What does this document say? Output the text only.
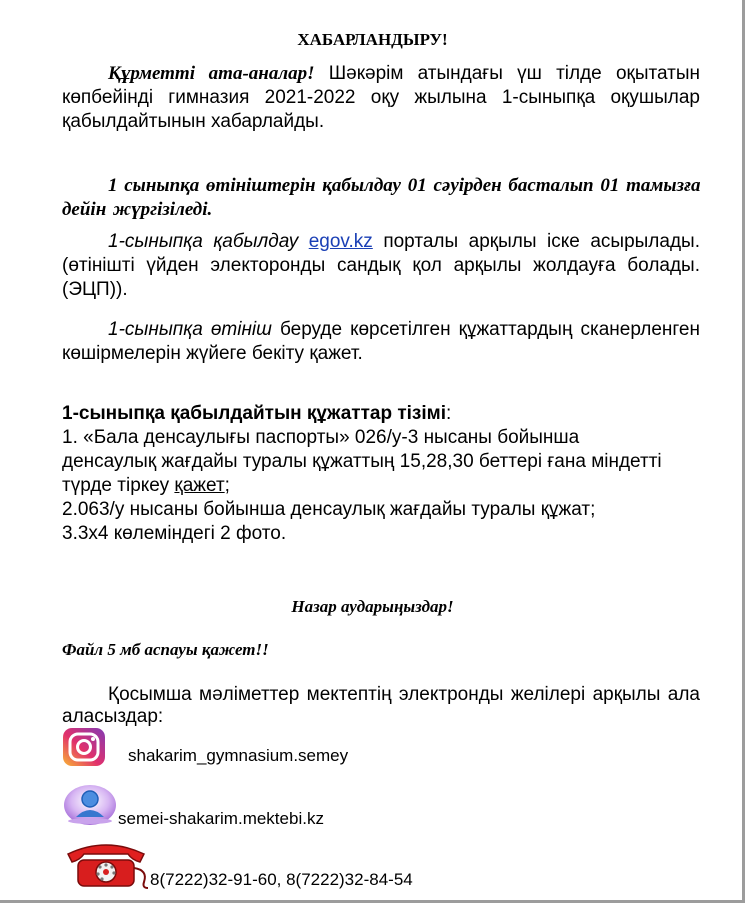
ХАБАРЛАНДЫРУ!
Құрметті ата-аналар! Шәкәрім атындағы үш тілде оқытатын көпбейінді гимназия 2021-2022 оқу жылына 1-сыныпқа оқушылар қабылдайтынын хабарлайды.
1 сыныпқа өтініштерін қабылдау 01 сәуірден басталып 01 тамызға дейін жүргізіледі.
1-сыныпқа қабылдау egov.kz порталы арқылы іске асырылады. (өтінішті үйден электоронды сандық қол арқылы жолдауға болады. (ЭЦП)).
1-сыныпқа өтініш беруде көрсетілген құжаттардың сканерленген көшірмелерін жүйеге бекіту қажет.
1-сыныпқа қабылдайтын құжаттар тізімі:
1. «Бала денсаулығы паспорты» 026/у-3 нысаны бойынша денсаулық жағдайы туралы құжаттың 15,28,30 беттері ғана міндетті түрде тіркеу қажет;
2.063/у нысаны бойынша денсаулық жағдайы туралы құжат;
3.3х4 көлеміндегі 2 фото.
Назар аударыңыздар!
Файл 5 мб аспауы қажет!!
Қосымша мәліметтер мектептің электронды желілері арқылы ала аласыздар:
shakarim_gymnasium.semey
semei-shakarim.mektebi.kz
8(7222)32-91-60, 8(7222)32-84-54
